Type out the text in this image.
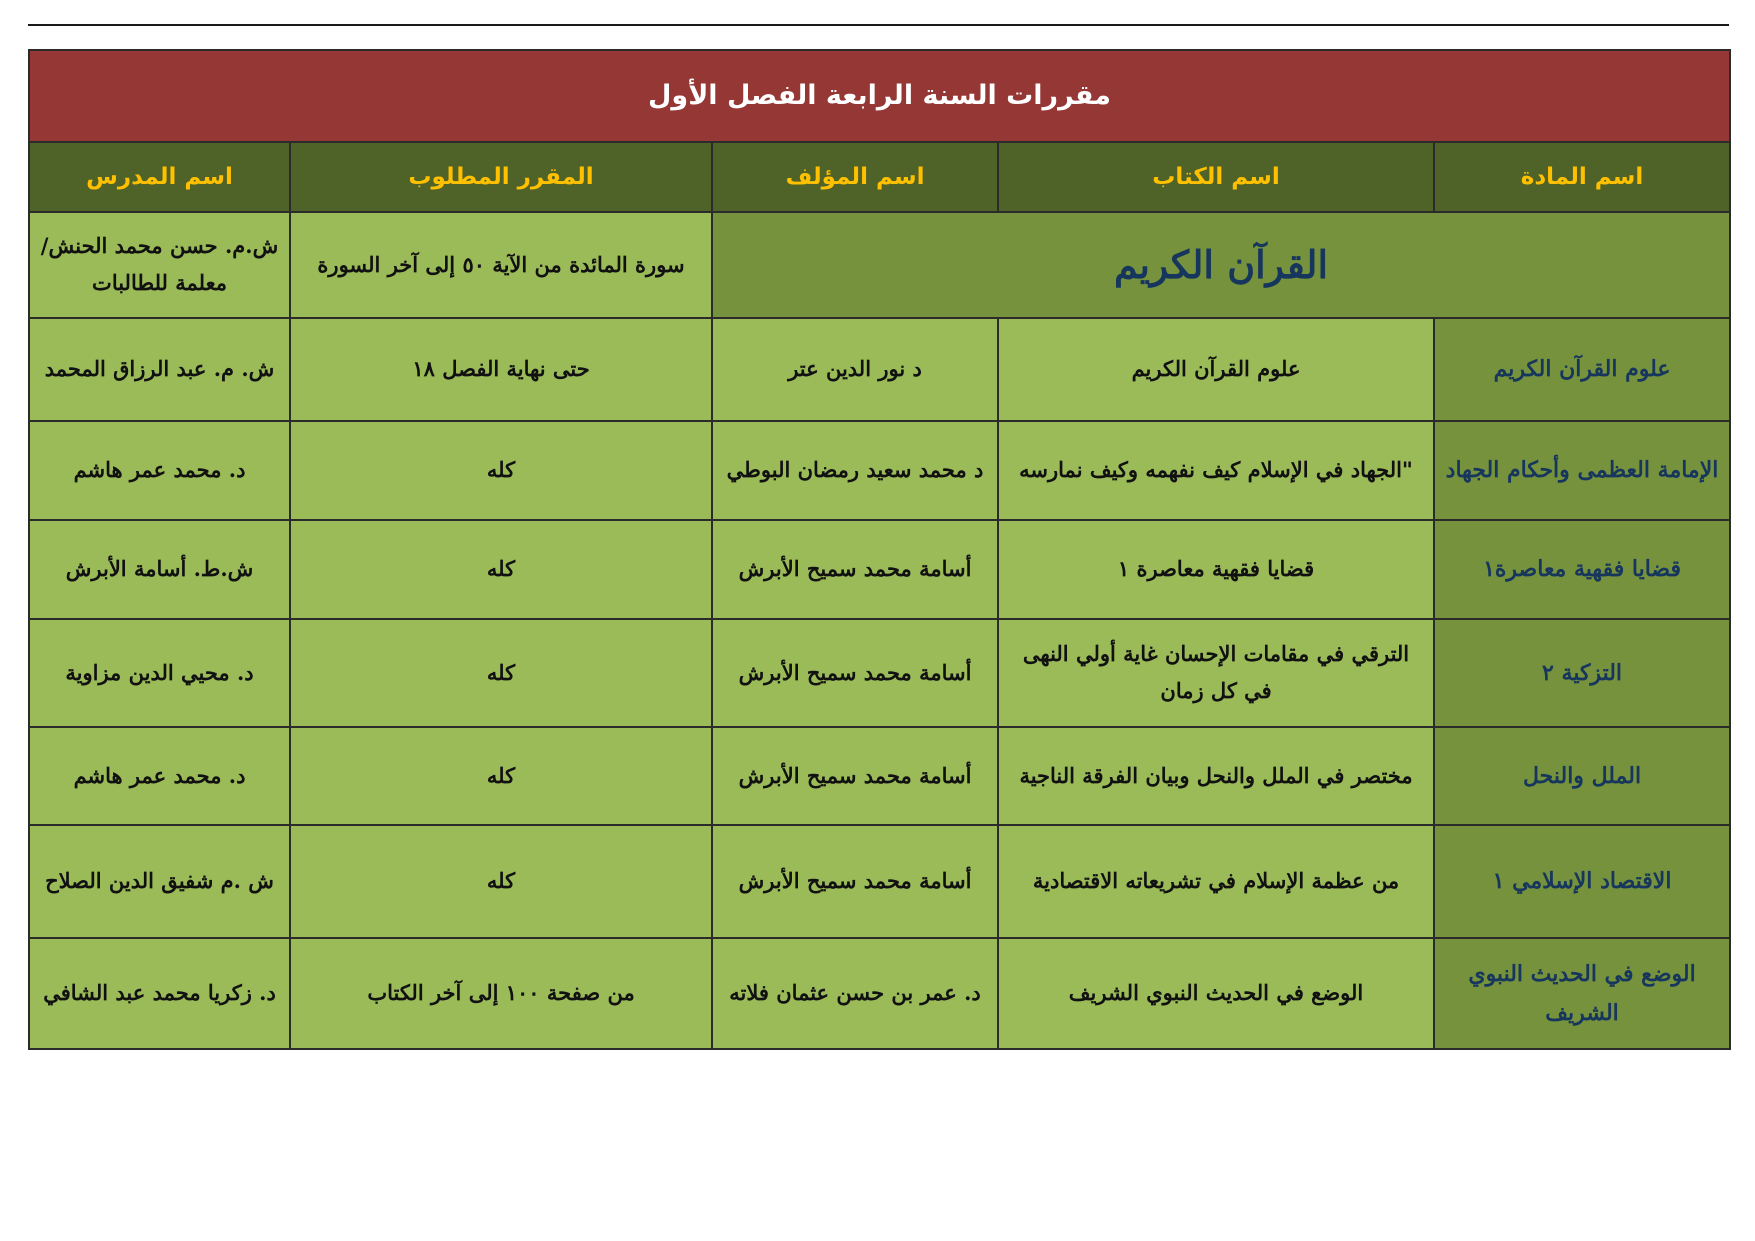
مقررات السنة الرابعة الفصل الأول				
اسم المادة	اسم الكتاب	اسم المؤلف	المقرر المطلوب	اسم المدرس
القرآن الكريم			سورة المائدة من الآية ٥٠ إلى آخر السورة	ش.م. حسن محمد الحنش/ معلمة للطالبات
علوم القرآن الكريم	علوم القرآن الكريم	د نور الدين عتر	حتى نهاية الفصل ١٨	ش. م. عبد الرزاق المحمد
الإمامة العظمى وأحكام الجهاد	"الجهاد في الإسلام كيف نفهمه وكيف نمارسه	د محمد سعيد رمضان البوطي	كله	د. محمد عمر هاشم
قضايا فقهية معاصرة١	قضايا فقهية معاصرة ١	أسامة محمد سميح الأبرش	كله	ش.ط. أسامة الأبرش
التزكية ٢	الترقي في مقامات الإحسان غاية أولي النهى في كل زمان	أسامة محمد سميح الأبرش	كله	د. محيي الدين مزاوية
الملل والنحل	مختصر في الملل والنحل وبيان الفرقة الناجية	أسامة محمد سميح الأبرش	كله	د. محمد عمر هاشم
الاقتصاد الإسلامي ١	من عظمة الإسلام في تشريعاته الاقتصادية	أسامة محمد سميح الأبرش	كله	ش .م شفيق الدين الصلاح
الوضع في الحديث النبوي الشريف	الوضع في الحديث النبوي الشريف	د. عمر بن حسن عثمان فلاته	من صفحة ١٠٠ إلى آخر الكتاب	د. زكريا محمد عبد الشافي
